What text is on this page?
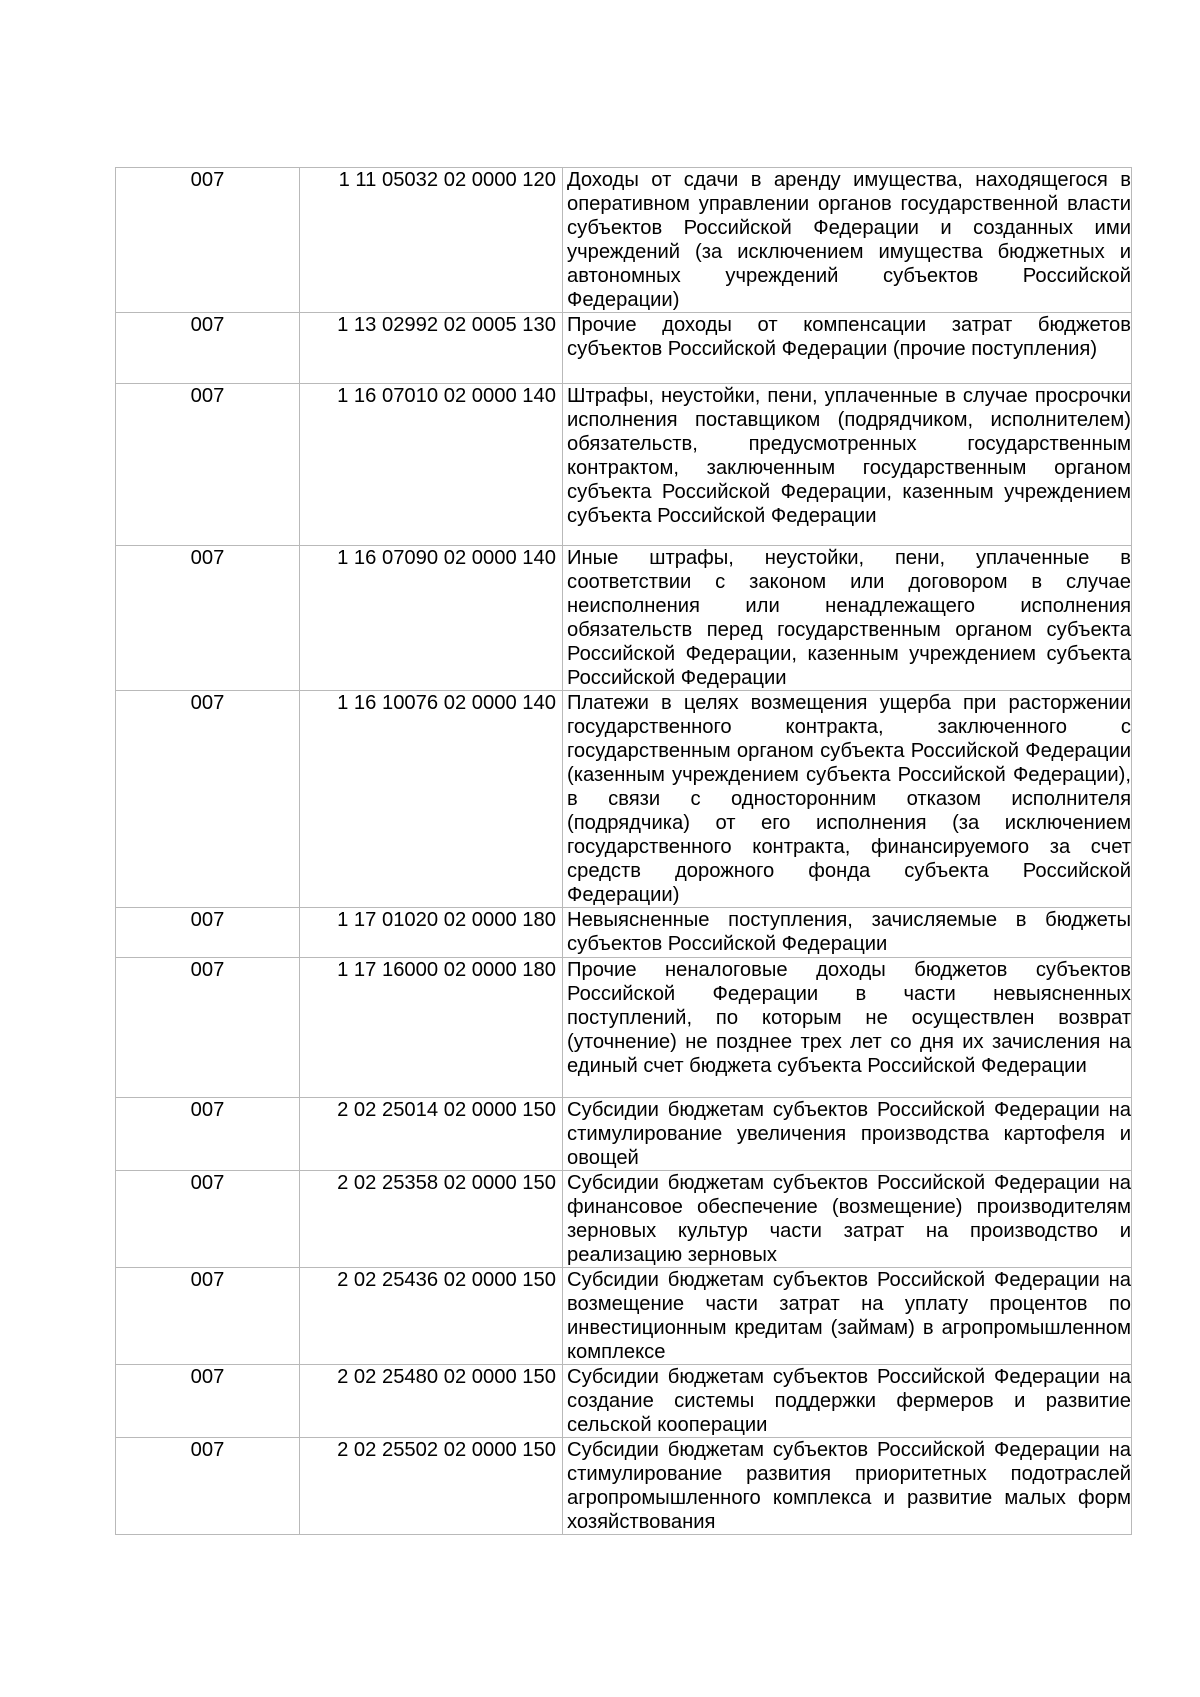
007	1 11 05032 02 0000 120	Доходы от сдачи в аренду имущества, находящегося в оперативном управлении органов государственной власти субъектов Российской Федерации и созданных ими учреждений (за исключением имущества бюджетных и автономных учреждений субъектов Российской Федерации)

007	1 13 02992 02 0005 130	Прочие доходы от компенсации затрат бюджетов субъектов Российской Федерации (прочие поступления)

007	1 16 07010 02 0000 140	Штрафы, неустойки, пени, уплаченные в случае просрочки исполнения поставщиком (подрядчиком, исполнителем) обязательств, предусмотренных государственным контрактом, заключенным государственным органом субъекта Российской Федерации, казенным учреждением субъекта Российской Федерации

007	1 16 07090 02 0000 140	Иные штрафы, неустойки, пени, уплаченные в соответствии с законом или договором в случае неисполнения или ненадлежащего исполнения обязательств перед государственным органом субъекта Российской Федерации, казенным учреждением субъекта Российской Федерации

007	1 16 10076 02 0000 140	Платежи в целях возмещения ущерба при расторжении государственного контракта, заключенного с государственным органом субъекта Российской Федерации (казенным учреждением субъекта Российской Федерации), в связи с односторонним отказом исполнителя (подрядчика) от его исполнения (за исключением государственного контракта, финансируемого за счет средств дорожного фонда субъекта Российской Федерации)

007	1 17 01020 02 0000 180	Невыясненные поступления, зачисляемые в бюджеты субъектов Российской Федерации

007	1 17 16000 02 0000 180	Прочие неналоговые доходы бюджетов субъектов Российской Федерации в части невыясненных поступлений, по которым не осуществлен возврат (уточнение) не позднее трех лет со дня их зачисления на единый счет бюджета субъекта Российской Федерации

007	2 02 25014 02 0000 150	Субсидии бюджетам субъектов Российской Федерации на стимулирование увеличения производства картофеля и овощей

007	2 02 25358 02 0000 150	Субсидии бюджетам субъектов Российской Федерации на финансовое обеспечение (возмещение) производителям зерновых культур части затрат на производство и реализацию зерновых

007	2 02 25436 02 0000 150	Субсидии бюджетам субъектов Российской Федерации на возмещение части затрат на уплату процентов по инвестиционным кредитам (займам) в агропромышленном комплексе

007	2 02 25480 02 0000 150	Субсидии бюджетам субъектов Российской Федерации на создание системы поддержки фермеров и развитие сельской кооперации

007	2 02 25502 02 0000 150	Субсидии бюджетам субъектов Российской Федерации на стимулирование развития приоритетных подотраслей агропромышленного комплекса и развитие малых форм хозяйствования
